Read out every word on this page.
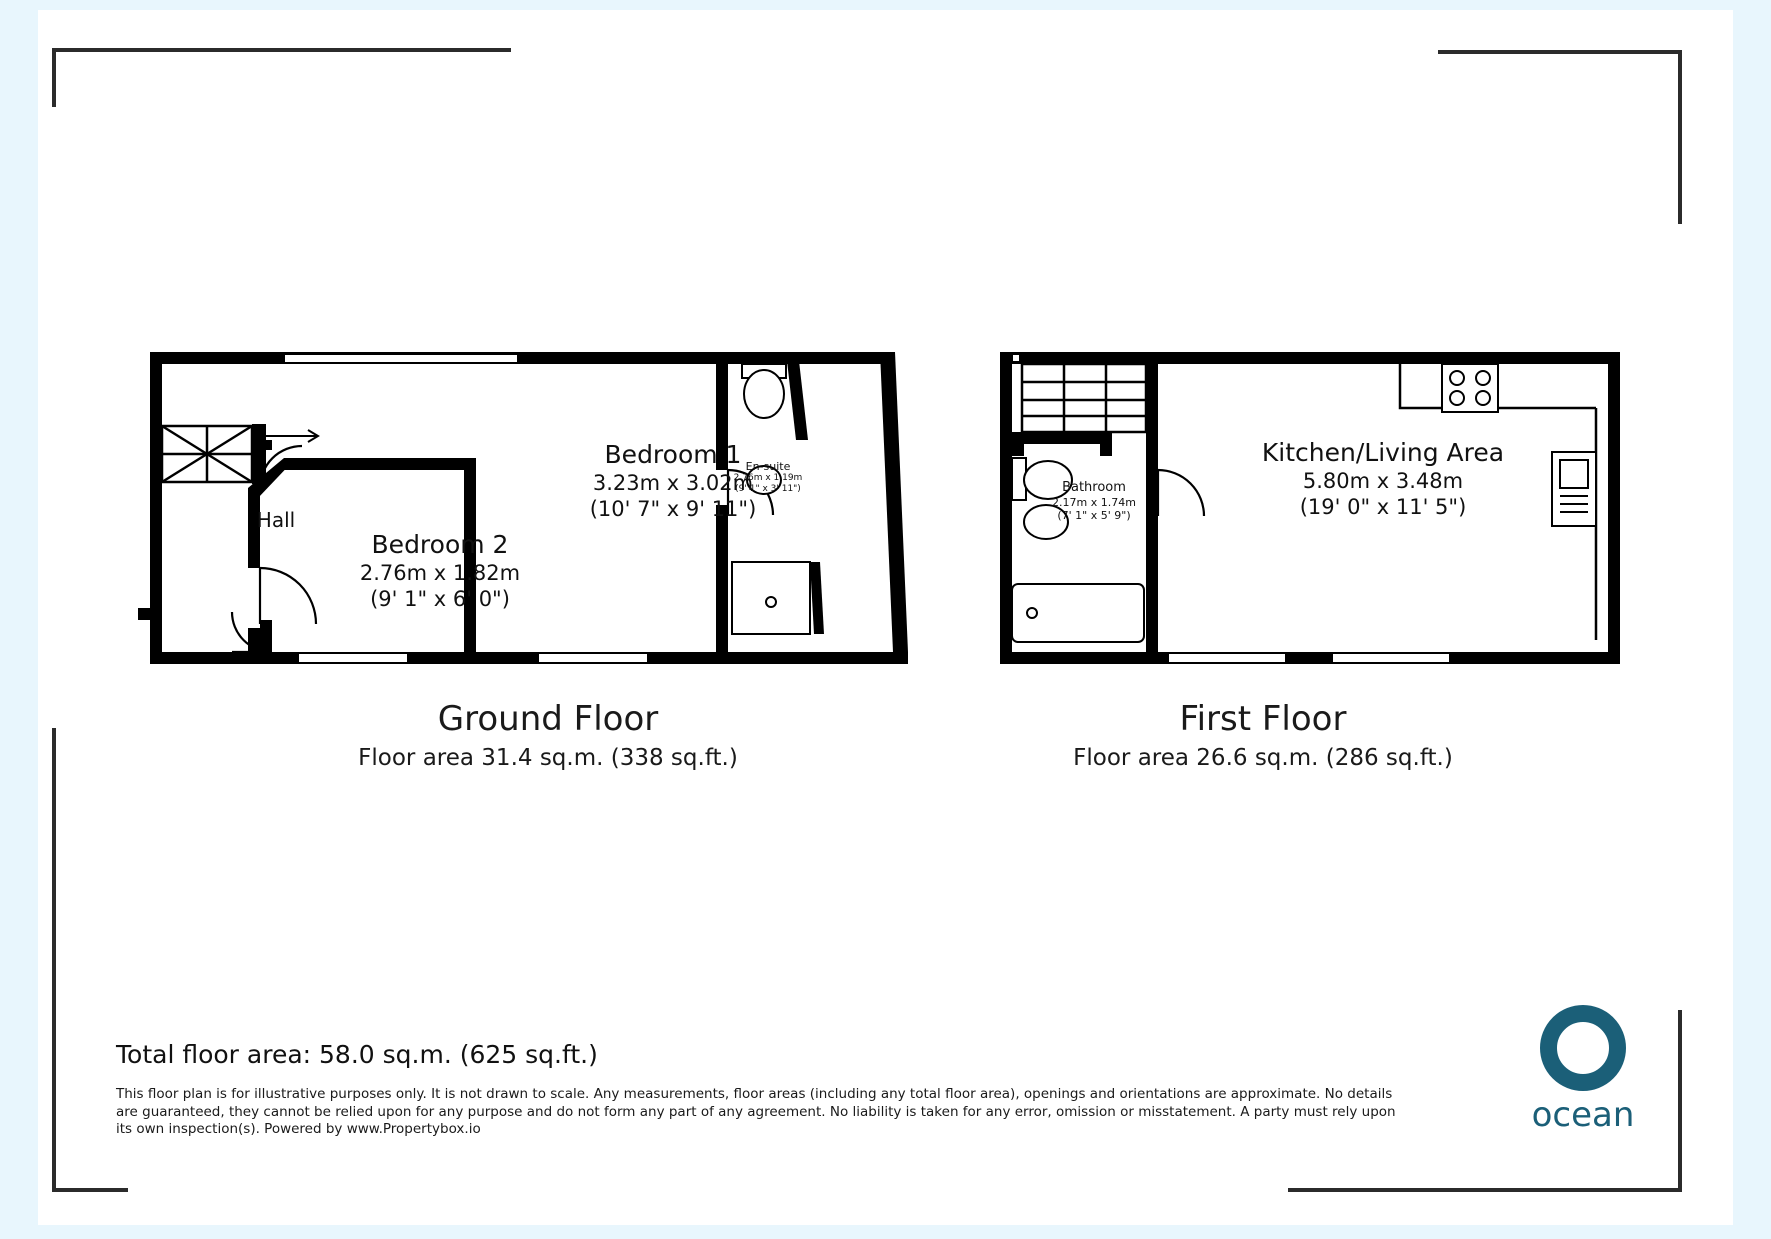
Hall
Bedroom 2
2.76m x 1.82m
(9' 1" x 6' 0")
Bedroom 1
3.23m x 3.02m
(10' 7" x 9' 11")
En-suite
2.76m x 1.19m
(9' 1" x 3' 11")
Ground Floor
Floor area 31.4 sq.m. (338 sq.ft.)
Bathroom
2.17m x 1.74m
(7' 1" x 5' 9")
Kitchen/Living Area
5.80m x 3.48m
(19' 0" x 11' 5")
First Floor
Floor area 26.6 sq.m. (286 sq.ft.)
Total floor area: 58.0 sq.m. (625 sq.ft.)
This floor plan is for illustrative purposes only. It is not drawn to scale. Any measurements, floor areas (including any total floor area), openings and orientations are approximate. No details are guaranteed, they cannot be relied upon for any purpose and do not form any part of any agreement. No liability is taken for any error, omission or misstatement. A party must rely upon its own inspection(s). Powered by www.Propertybox.io	ocean
